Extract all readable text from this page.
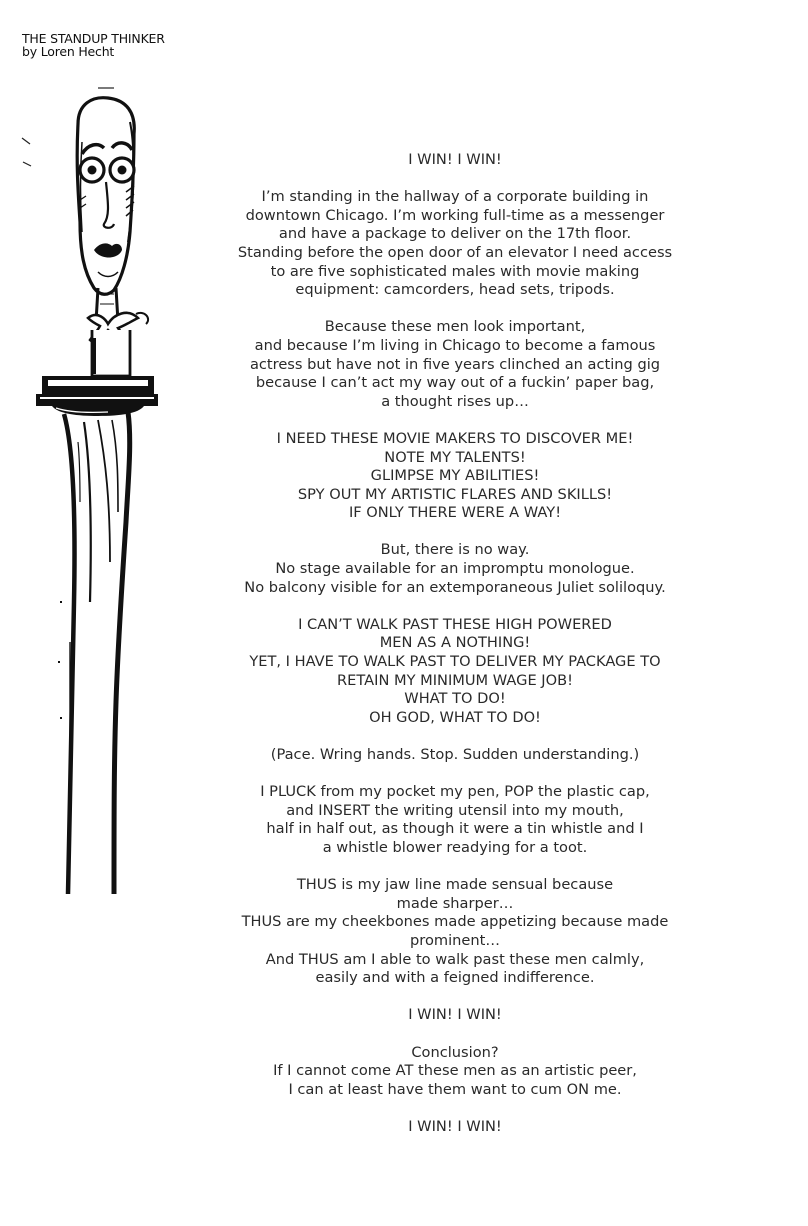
THE STANDUP THINKER
by Loren Hecht
I WIN! I WIN!
I’m standing in the hallway of a corporate building in
downtown Chicago. I’m working full-time as a messenger
and have a package to deliver on the 17th floor.
Standing before the open door of an elevator I need access
to are five sophisticated males with movie making
equipment: camcorders, head sets, tripods.
Because these men look important,
and because I’m living in Chicago to become a famous
actress but have not in five years clinched an acting gig
because I can’t act my way out of a fuckin’ paper bag,
a thought rises up…
I NEED THESE MOVIE MAKERS TO DISCOVER ME!
NOTE MY TALENTS!
GLIMPSE MY ABILITIES!
SPY OUT MY ARTISTIC FLARES AND SKILLS!
IF ONLY THERE WERE A WAY!
But, there is no way.
No stage available for an impromptu monologue.
No balcony visible for an extemporaneous Juliet soliloquy.
I CAN’T WALK PAST THESE HIGH POWERED
MEN AS A NOTHING!
YET, I HAVE TO WALK PAST TO DELIVER MY PACKAGE TO
RETAIN MY MINIMUM WAGE JOB!
WHAT TO DO!
OH GOD, WHAT TO DO!
(Pace. Wring hands. Stop. Sudden understanding.)
I PLUCK from my pocket my pen, POP the plastic cap,
and INSERT the writing utensil into my mouth,
half in half out, as though it were a tin whistle and I
a whistle blower readying for a toot.
THUS is my jaw line made sensual because
made sharper…
THUS are my cheekbones made appetizing because made
prominent…
And THUS am I able to walk past these men calmly,
easily and with a feigned indifference.
I WIN! I WIN!
Conclusion?
If I cannot come AT these men as an artistic peer,
I can at least have them want to cum ON me.
I WIN! I WIN!
